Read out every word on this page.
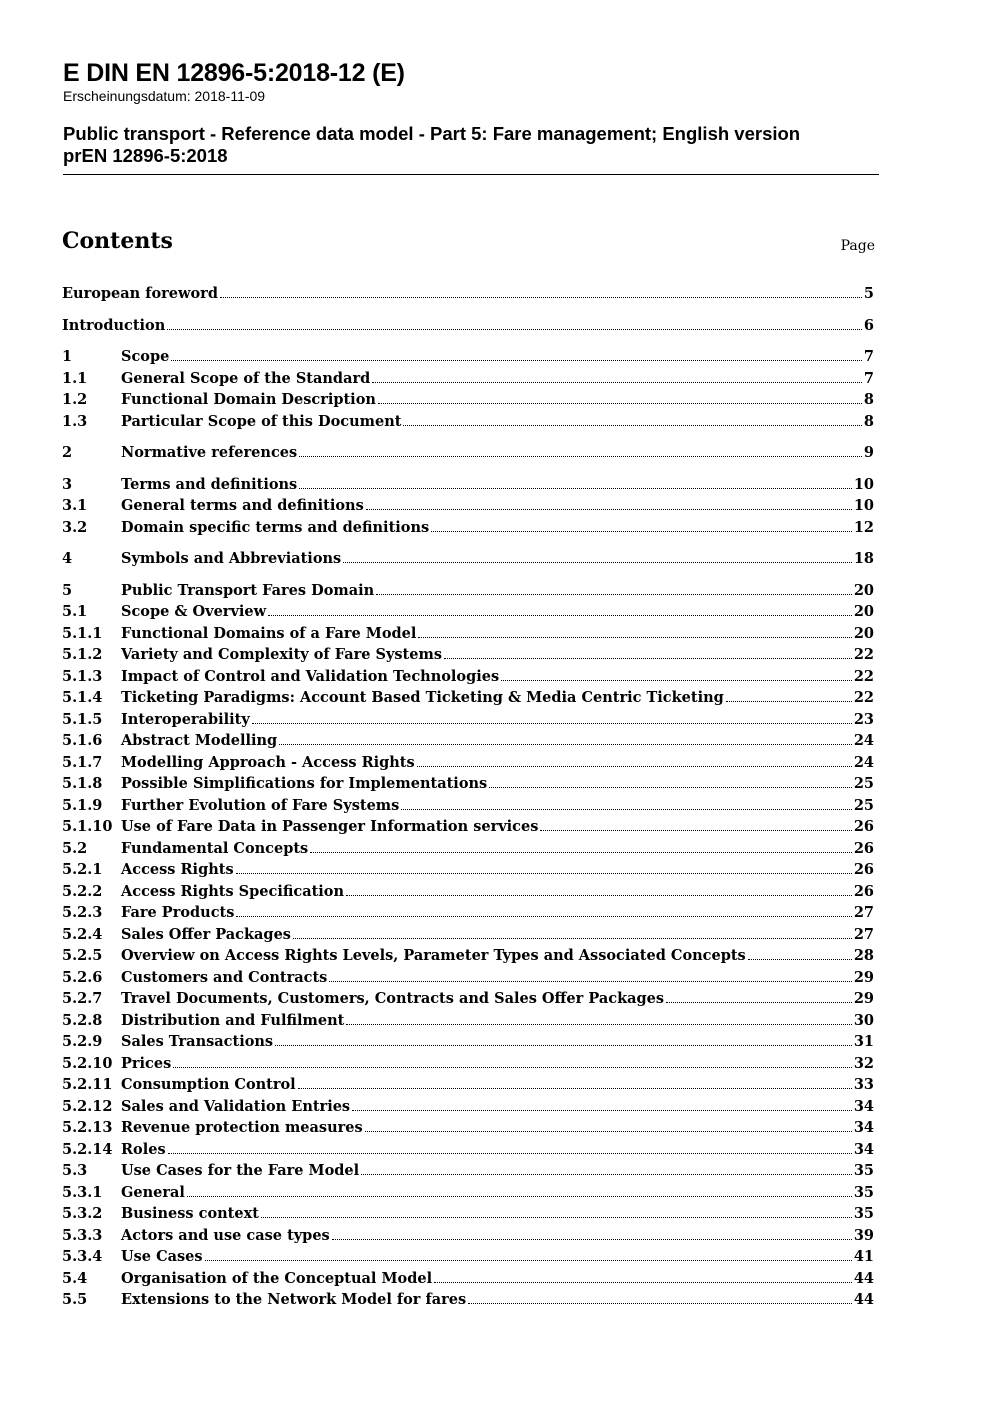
E DIN EN 12896-5:2018-12 (E)
Erscheinungsdatum: 2018-11-09
Public transport - Reference data model - Part 5: Fare management; English version
prEN 12896-5:2018
Contents	Page
European foreword	5
Introduction	6
1	Scope	7
1.1	General Scope of the Standard	7
1.2	Functional Domain Description	8
1.3	Particular Scope of this Document	8
2	Normative references	9
3	Terms and definitions	10
3.1	General terms and definitions	10
3.2	Domain specific terms and definitions	12
4	Symbols and Abbreviations	18
5	Public Transport Fares Domain	20
5.1	Scope & Overview	20
5.1.1	Functional Domains of a Fare Model	20
5.1.2	Variety and Complexity of Fare Systems	22
5.1.3	Impact of Control and Validation Technologies	22
5.1.4	Ticketing Paradigms: Account Based Ticketing & Media Centric Ticketing	22
5.1.5	Interoperability	23
5.1.6	Abstract Modelling	24
5.1.7	Modelling Approach - Access Rights	24
5.1.8	Possible Simplifications for Implementations	25
5.1.9	Further Evolution of Fare Systems	25
5.1.10 Use of Fare Data in Passenger Information services	26
5.2	Fundamental Concepts	26
5.2.1	Access Rights	26
5.2.2	Access Rights Specification	26
5.2.3	Fare Products	27
5.2.4	Sales Offer Packages	27
5.2.5	Overview on Access Rights Levels, Parameter Types and Associated Concepts	28
5.2.6	Customers and Contracts	29
5.2.7	Travel Documents, Customers, Contracts and Sales Offer Packages	29
5.2.8	Distribution and Fulfilment	30
5.2.9	Sales Transactions	31
5.2.10 Prices	32
5.2.11 Consumption Control	33
5.2.12 Sales and Validation Entries	34
5.2.13 Revenue protection measures	34
5.2.14 Roles	34
5.3	Use Cases for the Fare Model	35
5.3.1	General	35
5.3.2	Business context	35
5.3.3	Actors and use case types	39
5.3.4	Use Cases	41
5.4	Organisation of the Conceptual Model	44
5.5	Extensions to the Network Model for fares	44
